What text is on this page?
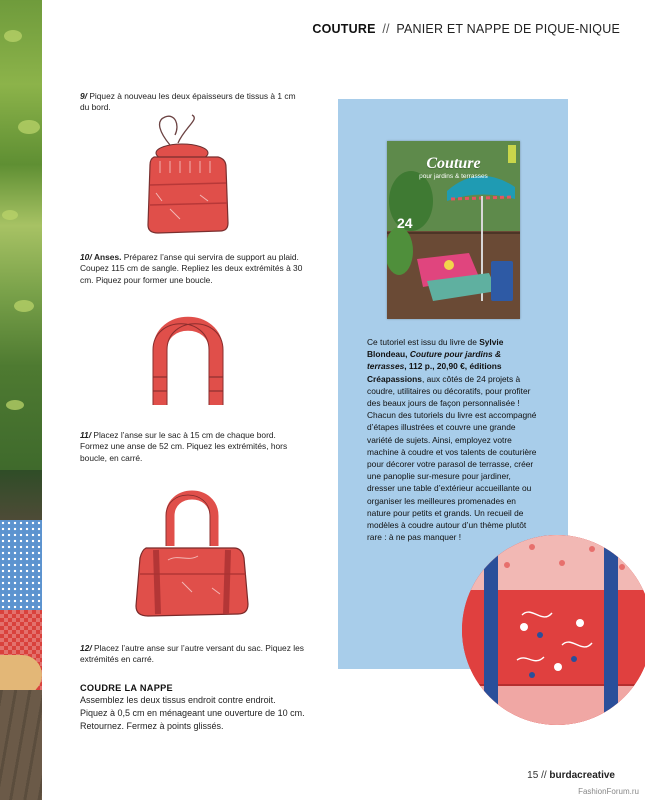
COUTURE // PANIER ET NAPPE DE PIQUE-NIQUE
9/ Piquez à nouveau les deux épaisseurs de tissus à 1 cm du bord.
10/ Anses. Préparez l’anse qui servira de support au plaid. Coupez 115 cm de sangle. Repliez les deux extrémités à 30 cm. Piquez pour former une boucle.
11/ Placez l’anse sur le sac à 15 cm de chaque bord. Formez une anse de 52 cm. Piquez les extrémités, hors boucle, en carré.
12/ Placez l’autre anse sur l’autre versant du sac. Piquez les extrémités en carré.
COUDRE LA NAPPE
Assemblez les deux tissus endroit contre endroit. Piquez à 0,5 cm en ménageant une ouverture de 10 cm. Retournez. Fermez à points glissés.
Couture
pour jardins & terrasses
24
Ce tutoriel est issu du livre de Sylvie Blondeau, Couture pour jardins & terrasses, 112 p., 20,90 €, éditions Créapassions, aux côtés de 24 projets à coudre, utilitaires ou décoratifs, pour profiter des beaux jours de façon personnalisée ! Chacun des tutoriels du livre est accompagné d’étapes illustrées et couvre une grande variété de sujets. Ainsi, employez votre machine à coudre et vos talents de couturière pour décorer votre parasol de terrasse, créer une panoplie sur-mesure pour jardiner, dresser une table d’extérieur accueillante ou organiser les meilleures promenades en nature pour petits et grands. Un recueil de modèles à coudre autour d’un thème plutôt rare : à ne pas manquer !
15 // burdacreative
FashionForum.ru
